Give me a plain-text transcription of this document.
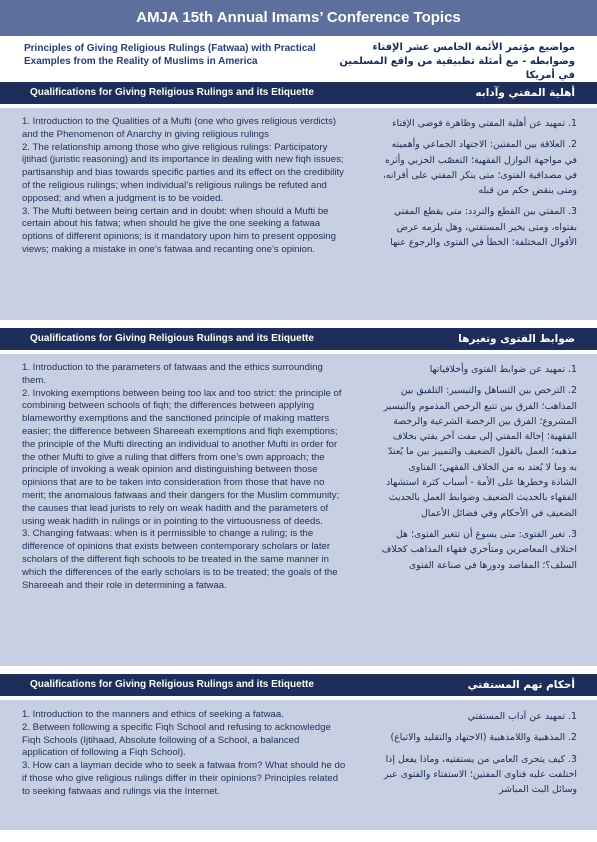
AMJA 15th Annual Imams’ Conference Topics
Principles of Giving Religious Rulings (Fatwaa) with Practical Examples from the Reality of Muslims in America
مواضيع مؤتمر الأئمة الخامس عشر الإفتاء وضوابطه - مع أمثلة تطبيقية من واقع المسلمين في أمريكا
Qualifications for Giving Religious Rulings and its Etiquette	أهلية المفتي وآدابه

1. Introduction to the Qualities of a Mufti (one who gives religious verdicts) and the Phenomenon of Anarchy in giving religious rulings

2. The relationship among those who give religious rulings: Participatory ijtihad (juristic reasoning) and its importance in dealing with new fiqh issues; partisanship and bias towards specific parties and its effect on the credibility of the religious rulings; when individual’s religious rulings be refuted and opposed; and when a judgment is to be voided.

3. The Mufti between being certain and in doubt: when should a Mufti be certain about his fatwa; when should he give the one seeking a fatwaa options of different opinions; is it mandatory upon him to present opposing views; making a mistake in one’s fatwaa and recanting one’s opinion.

1. تمهيد عن أهلية المفتي وظاهرة فوضى الإفتاء

2. العلاقة بين المفتين: الاجتهاد الجماعي وأهميته في مواجهة النوازل الفقهية؛ التعصّب الحزبي وأثره في مصداقية الفتوى؛ متى ينكر المفتي على أقرانه، ومتى ينقض حكم من قبله

3. المفتي بين القطع والتردد: متى يقطع المفتي بفتواه، ومتى يخير المستفتي، وهل يلزمه عرض الأقوال المختلفة؛ الخطأ في الفتوى والرجوع عنها

Qualifications for Giving Religious Rulings and its Etiquette	ضوابط الفتوى وتغيرها

1. Introduction to the parameters of fatwaas and the ethics surrounding them.

2. Invoking exemptions between being too lax and too strict: the principle of combining between schools of fiqh; the differences between applying blameworthy exemptions and the sanctioned principle of making matters easier; the difference between Shareeah exemptions and fiqh exemptions; the principle of the Mufti directing an individual to another Mufti in order for the other Mufti to give a ruling that differs from one’s own approach; the principle of invoking a weak opinion and distinguishing between those opinions that are to be taken into consideration from those that have no merit; the anomalous fatwaas and their dangers for the Muslim community; the causes that lead jurists to rely on weak hadith and the parameters of using weak hadith in rulings or in pointing to the virtuousness of deeds.

3. Changing fatwaas: when is it permissible to change a ruling; is the difference of opinions that exists between contemporary scholars or later scholars of the different fiqh schools to be treated in the same manner in which the differences of the early scholars is to be treated; the goals of the Shareeah and their role in determining a fatwaa.

1. تمهيد عن ضوابط الفتوى وأخلاقياتها

2. الترخص بين التساهل والتيسير: التلفيق بين المذاهب؛ الفرق بين تتبع الرخص المذموم والتيسير المشروع؛ الفرق بين الرخصة الشرعية والرخصة الفقهية؛ إحالة المفتي إلى مفت آخر يفتي بخلاف مذهبه؛ العمل بالقول الضعيف والتمييز بين ما يُعتدّ به وما لا يُعتد به من الخلاف الفقهي؛ الفتاوى الشاذة وخطرها على الأمة - أسباب كثرة استشهاد الفقهاء بالحديث الضعيف وضوابط العمل بالحديث الضعيف في الأحكام وفي فضائل الأعمال

3. تغير الفتوى: متى يسوغ أن تتغير الفتوى؛ هل اختلاف المعاصرين ومتأخري فقهاء المذاهب كخلاف السلف؟؛ المقاصد ودورها في صناعة الفتوى

Qualifications for Giving Religious Rulings and its Etiquette	أحكام تهم المستفتي

1. Introduction to the manners and ethics of seeking a fatwaa.

2. Between following a specific Fiqh School and refusing to acknowledge Fiqh Schools (Ijtihaad, Absolute following of a School, a balanced application of following a Fiqh School).

3. How can a layman decide who to seek a fatwaa from? What should he do if those who give religious rulings differ in their opinions? Principles related to seeking fatwaas and rulings via the Internet.

1. تمهيد عن آداب المستفتي

2. المذهبية واللامذهبية (الاجتهاد والتقليد والاتباع)

3. كيف يتحرى العامي من يستفتيه، وماذا يفعل إذا اختلفت عليه فتاوى المفتين؛ الاستفتاء والفتوى عبر وسائل البث المباشر
